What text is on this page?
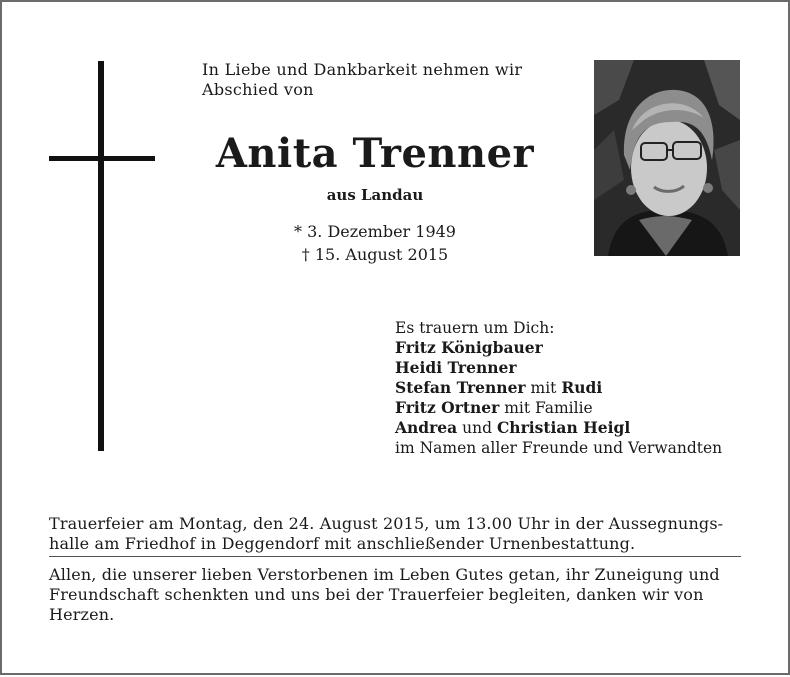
In Liebe und Dankbarkeit nehmen wir
Abschied von
Anita Trenner
aus Landau
* 3. Dezember 1949
† 15. August 2015
Es trauern um Dich:
Fritz Königbauer
Heidi Trenner
Stefan Trenner mit Rudi
Fritz Ortner mit Familie
Andrea und Christian Heigl
im Namen aller Freunde und Verwandten
Trauerfeier am Montag, den 24. August 2015, um 13.00 Uhr in der Aussegnungs-
halle am Friedhof in Deggendorf mit anschließender Urnenbestattung.
Allen, die unserer lieben Verstorbenen im Leben Gutes getan, ihr Zuneigung und
Freundschaft schenkten und uns bei der Trauerfeier begleiten, danken wir von
Herzen.
